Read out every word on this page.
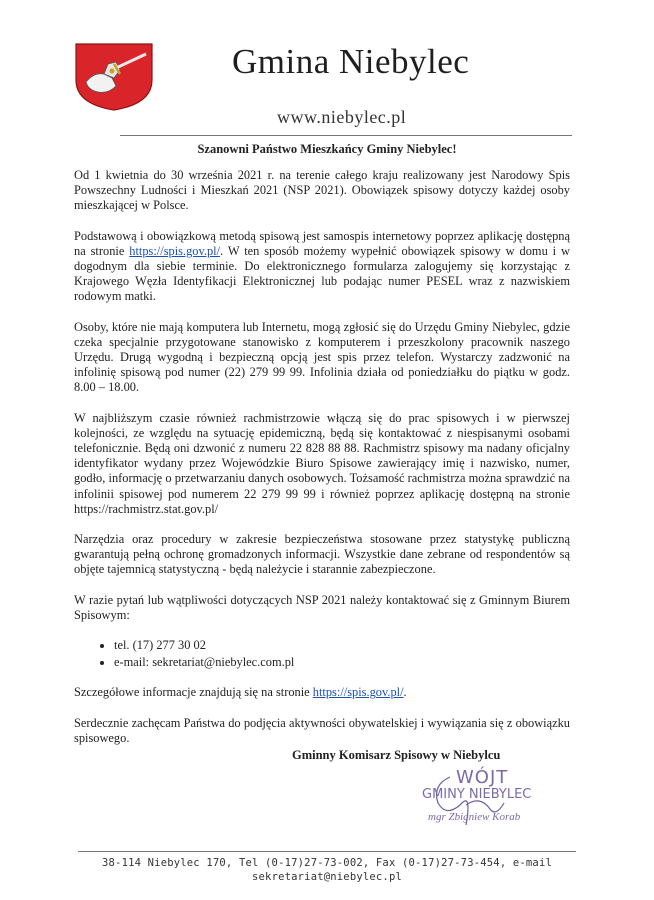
Gmina Niebylec
www.niebylec.pl
Szanowni Państwo Mieszkańcy Gminy Niebylec!

Od 1 kwietnia do 30 września 2021 r. na terenie całego kraju realizowany jest Narodowy Spis Powszechny Ludności i Mieszkań 2021 (NSP 2021). Obowiązek spisowy dotyczy każdej osoby mieszkającej w Polsce.

Podstawową i obowiązkową metodą spisową jest samospis internetowy poprzez aplikację dostępną na stronie https://spis.gov.pl/. W ten sposób możemy wypełnić obowiązek spisowy w domu i w dogodnym dla siebie terminie. Do elektronicznego formularza zalogujemy się korzystając z Krajowego Węzła Identyfikacji Elektronicznej lub podając numer PESEL wraz z nazwiskiem rodowym matki.

Osoby, które nie mają komputera lub Internetu, mogą zgłosić się do Urzędu Gminy Niebylec, gdzie czeka specjalnie przygotowane stanowisko z komputerem i przeszkolony pracownik naszego Urzędu. Drugą wygodną i bezpieczną opcją jest spis przez telefon. Wystarczy zadzwonić na infolinię spisową pod numer (22) 279 99 99. Infolinia działa od poniedziałku do piątku w godz. 8.00 – 18.00.

W najbliższym czasie również rachmistrzowie włączą się do prac spisowych i w pierwszej kolejności, ze względu na sytuację epidemiczną, będą się kontaktować z niespisanymi osobami telefonicznie. Będą oni dzwonić z numeru 22 828 88 88. Rachmistrz spisowy ma nadany oficjalny identyfikator wydany przez Wojewódzkie Biuro Spisowe zawierający imię i nazwisko, numer, godło, informację o przetwarzaniu danych osobowych. Tożsamość rachmistrza można sprawdzić na infolinii spisowej pod numerem 22 279 99 99 i również poprzez aplikację dostępną na stronie https://rachmistrz.stat.gov.pl/

Narzędzia oraz procedury w zakresie bezpieczeństwa stosowane przez statystykę publiczną gwarantują pełną ochronę gromadzonych informacji. Wszystkie dane zebrane od respondentów są objęte tajemnicą statystyczną - będą należycie i starannie zabezpieczone.

W razie pytań lub wątpliwości dotyczących NSP 2021 należy kontaktować się z Gminnym Biurem Spisowym:

• tel. (17) 277 30 02
• e-mail: sekretariat@niebylec.com.pl

Szczegółowe informacje znajdują się na stronie https://spis.gov.pl/.

Serdecznie zachęcam Państwa do podjęcia aktywności obywatelskiej i wywiązania się z obowiązku spisowego.

Gminny Komisarz Spisowy w Niebylcu
WÓJT
GMINY NIEBYLEC
mgr Zbigniew Korab
38-114 Niebylec 170, Tel (0-17)27-73-002, Fax (0-17)27-73-454, e-mail
sekretariat@niebylec.pl
